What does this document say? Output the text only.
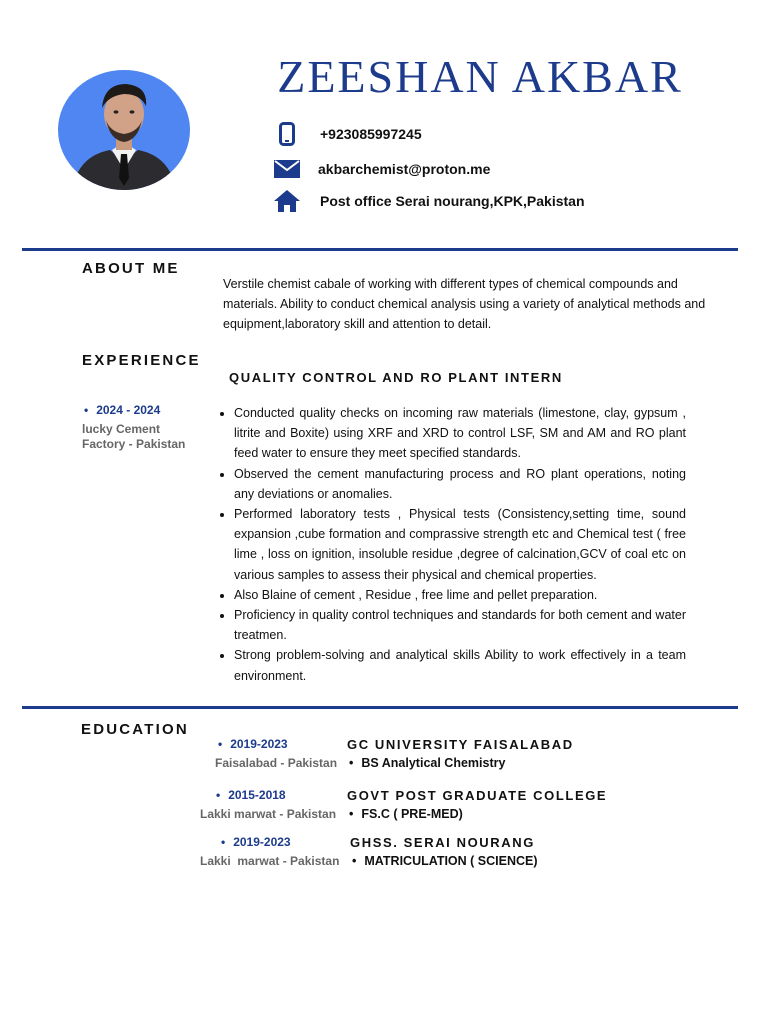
ZEESHAN AKBAR
+923085997245
akbarchemist@proton.me
Post office Serai nourang,KPK,Pakistan
ABOUT ME
Verstile chemist cabale of working with different types of chemical compounds and materials. Ability to conduct chemical analysis using a variety of analytical methods and equipment,laboratory skill and attention to detail.
EXPERIENCE
QUALITY CONTROL AND RO PLANT INTERN
• 2024 - 2024
lucky Cement Factory - Pakistan
• Conducted quality checks on incoming raw materials (limestone, clay, gypsum , litrite and Boxite) using XRF and XRD to control LSF, SM and AM and RO plant feed water to ensure they meet specified standards.
• Observed the cement manufacturing process and RO plant operations, noting any deviations or anomalies.
• Performed laboratory tests , Physical tests (Consistency,setting time, sound expansion ,cube formation and comprassive strength etc and Chemical test ( free lime , loss on ignition, insoluble residue ,degree of calcination,GCV of coal etc on various samples to assess their physical and chemical properties.
• Also Blaine of cement , Residue , free lime and pellet preparation.
• Proficiency in quality control techniques and standards for both cement and water treatmen.
• Strong problem-solving and analytical skills Ability to work effectively in a team environment.
EDUCATION
• 2019-2023
Faisalabad - Pakistan
GC UNIVERSITY FAISALABAD
• BS Analytical Chemistry
• 2015-2018
Lakki marwat - Pakistan
GOVT POST GRADUATE COLLEGE
• FS.C ( PRE-MED)
• 2019-2023
Lakki  marwat - Pakistan
GHSS. SERAI NOURANG
• MATRICULATION ( SCIENCE)
